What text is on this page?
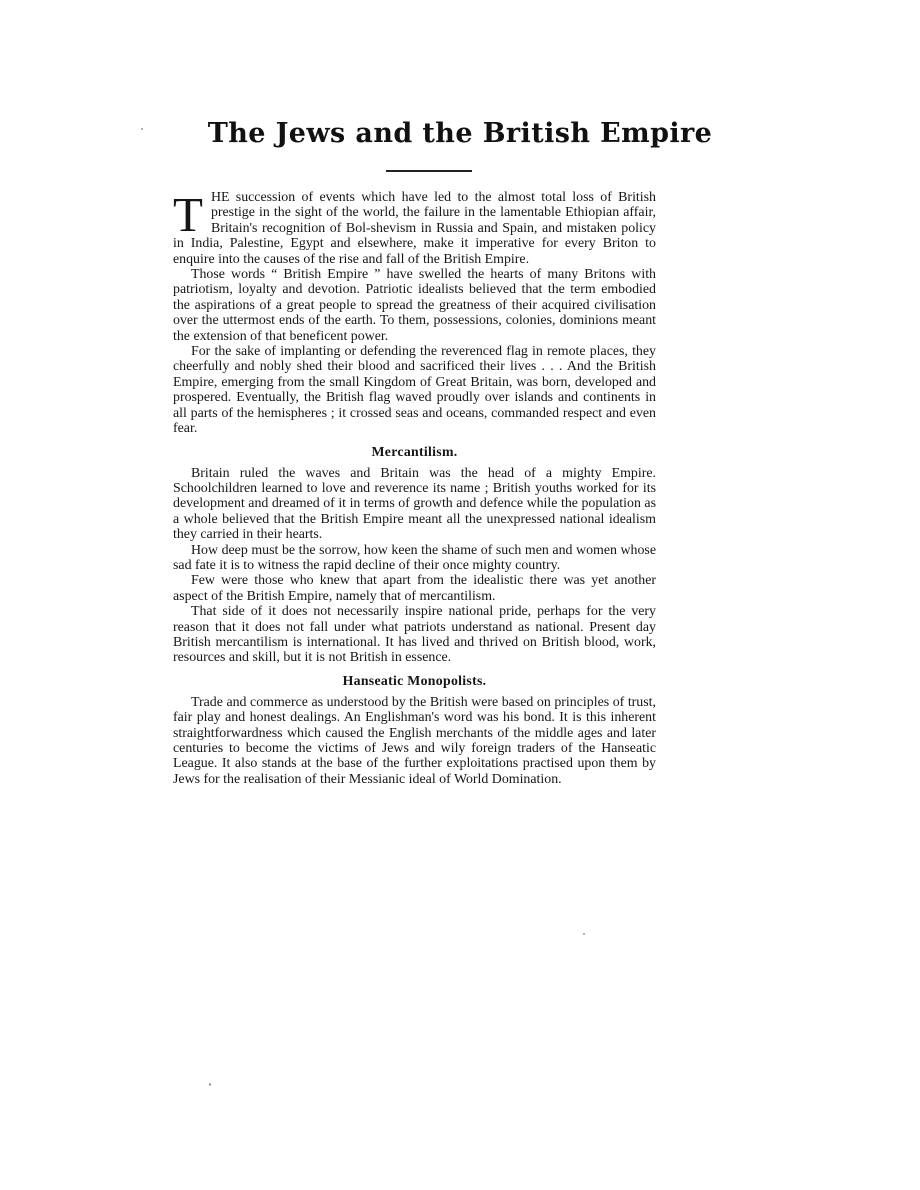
The Jews and the British Empire

THE succession of events which have led to the almost total loss of British prestige in the sight of the world, the failure in the lamentable Ethiopian affair, Britain's recognition of Bol-shevism in Russia and Spain, and mistaken policy in India, Palestine, Egypt and elsewhere, make it imperative for every Briton to enquire into the causes of the rise and fall of the British Empire.

Those words “ British Empire ” have swelled the hearts of many Britons with patriotism, loyalty and devotion. Patriotic idealists believed that the term embodied the aspirations of a great people to spread the greatness of their acquired civilisation over the uttermost ends of the earth. To them, possessions, colonies, dominions meant the extension of that beneficent power.

For the sake of implanting or defending the reverenced flag in remote places, they cheerfully and nobly shed their blood and sacrificed their lives . . . And the British Empire, emerging from the small Kingdom of Great Britain, was born, developed and prospered. Eventually, the British flag waved proudly over islands and continents in all parts of the hemispheres ; it crossed seas and oceans, commanded respect and even fear.

Mercantilism.

Britain ruled the waves and Britain was the head of a mighty Empire. Schoolchildren learned to love and reverence its name ; British youths worked for its development and dreamed of it in terms of growth and defence while the population as a whole believed that the British Empire meant all the unexpressed national idealism they carried in their hearts.

How deep must be the sorrow, how keen the shame of such men and women whose sad fate it is to witness the rapid decline of their once mighty country.

Few were those who knew that apart from the idealistic there was yet another aspect of the British Empire, namely that of mercantilism.

That side of it does not necessarily inspire national pride, perhaps for the very reason that it does not fall under what patriots understand as national. Present day British mercantilism is international. It has lived and thrived on British blood, work, resources and skill, but it is not British in essence.

Hanseatic Monopolists.

Trade and commerce as understood by the British were based on principles of trust, fair play and honest dealings. An Englishman's word was his bond. It is this inherent straightforwardness which caused the English merchants of the middle ages and later centuries to become the victims of Jews and wily foreign traders of the Hanseatic League. It also stands at the base of the further exploitations practised upon them by Jews for the realisation of their Messianic ideal of World Domination.
